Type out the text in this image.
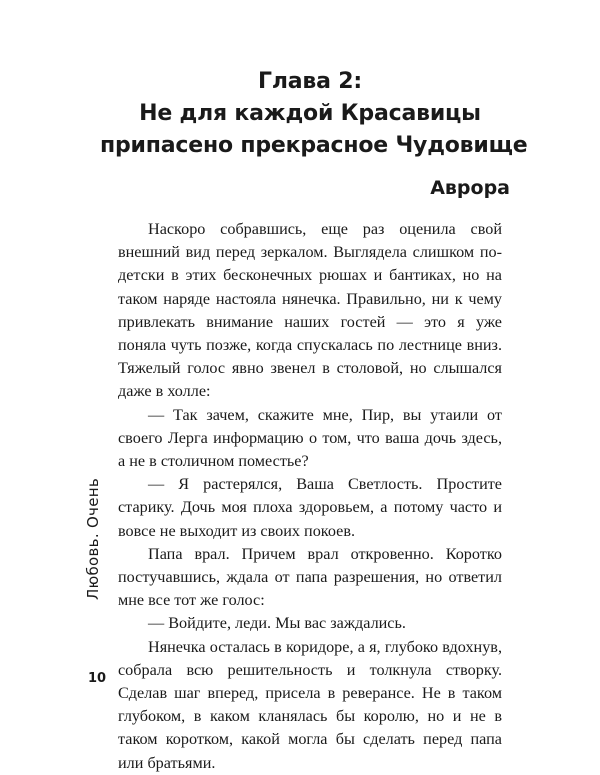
Глава 2:
Не для каждой Красавицы
припасено прекрасное Чудовище
Аврора

Наскоро собравшись, еще раз оценила свой внешний вид перед зеркалом. Выглядела слишком по-детски в этих бесконечных рюшах и бантиках, но на таком наряде настояла нянечка. Правильно, ни к чему привлекать внимание наших гостей — это я уже поняла чуть позже, когда спускалась по лестнице вниз. Тяжелый голос явно звенел в столовой, но слышался даже в холле:

— Так зачем, скажите мне, Пир, вы утаили от своего Лерга информацию о том, что ваша дочь здесь, а не в столичном поместье?

— Я растерялся, Ваша Светлость. Простите старику. Дочь моя плоха здоровьем, а потому часто и вовсе не выходит из своих покоев.

Папа врал. Причем врал откровенно. Коротко постучавшись, ждала от папа разрешения, но ответил мне все тот же голос:

— Войдите, леди. Мы вас заждались.

Нянечка осталась в коридоре, а я, глубоко вдохнув, собрала всю решительность и толкнула створку. Сделав шаг вперед, присела в реверансе. Не в таком глубоком, в каком кланялась бы королю, но и не в таком коротком, какой могла бы сделать перед папа или братьями.

Любовь. Очень
10
